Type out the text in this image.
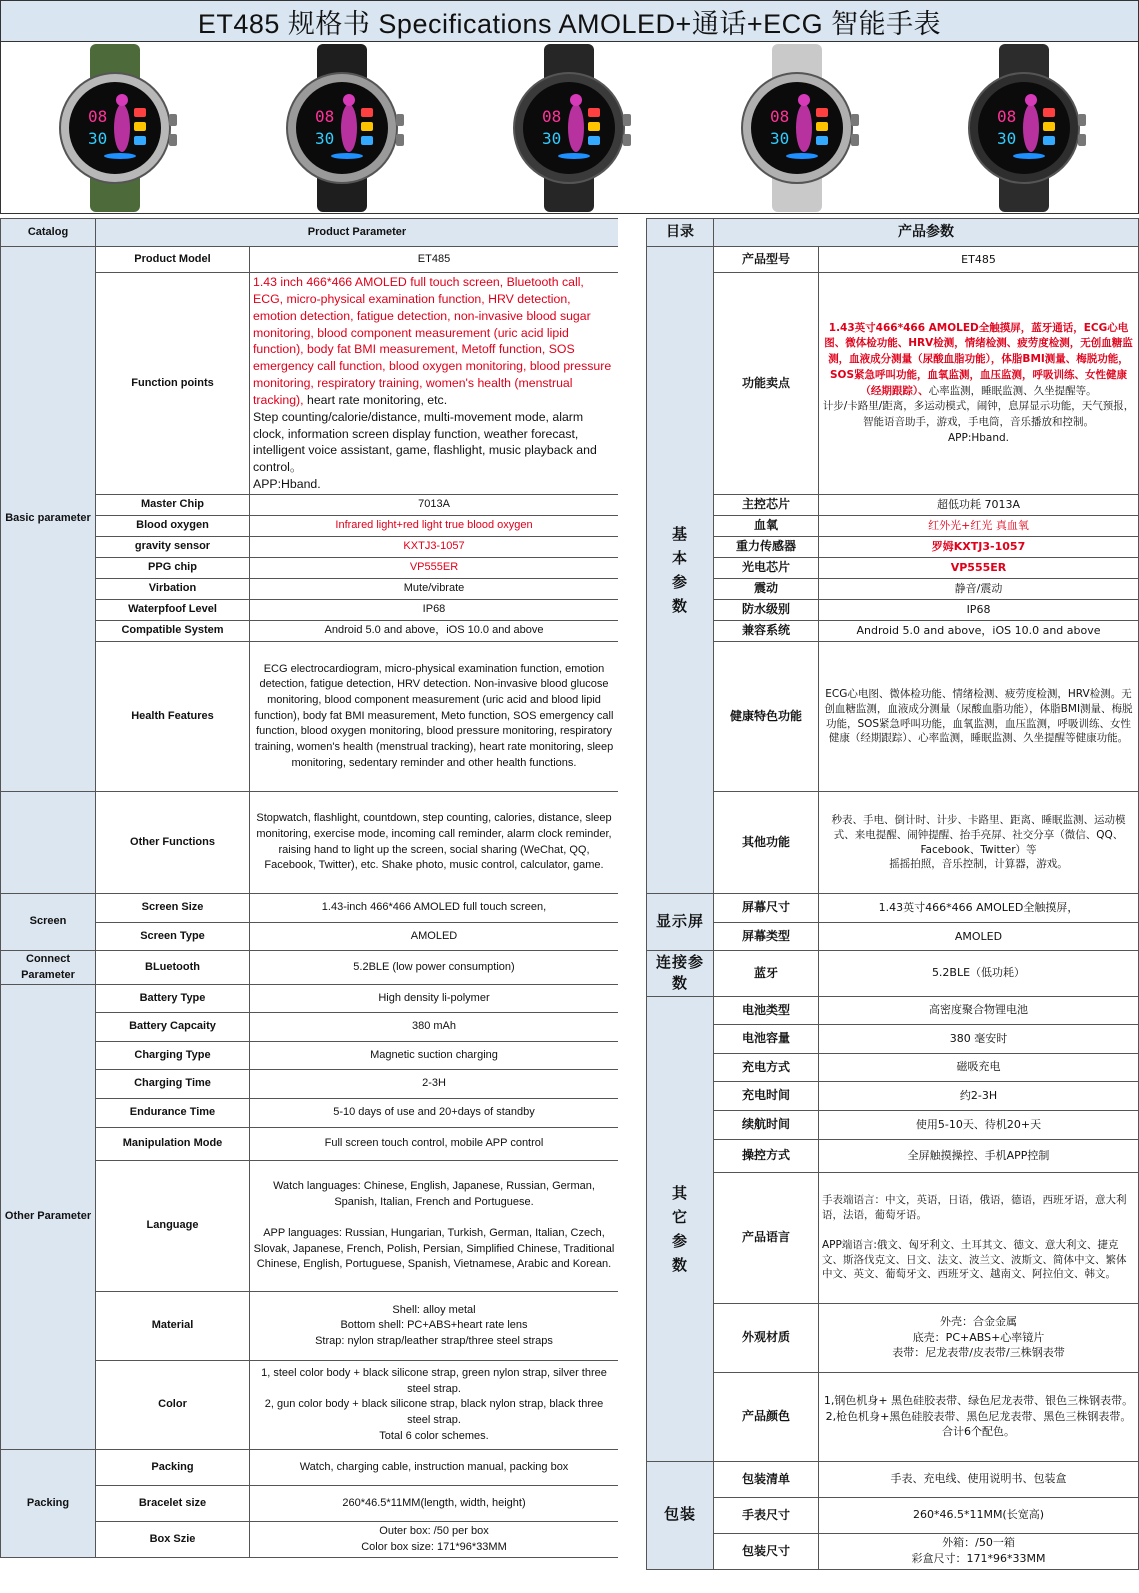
ET485 规格书 Specifications AMOLED+通话+ECG 智能手表
08
30
08
30
08
30
08
30
08
30
Catalog	Product Parameter	
Basic parameter	Product Model	ET485
	Function points	1.43 inch 466*466 AMOLED full touch screen, Bluetooth call, ECG, micro-physical examination function, HRV detection, emotion detection, fatigue detection, non-invasive blood sugar monitoring, blood component measurement (uric acid lipid function), body fat BMI measurement, Metoff function, SOS emergency call function, blood oxygen monitoring, blood pressure monitoring, respiratory training, women's health (menstrual tracking), heart rate monitoring, etc.
Step counting/calorie/distance, multi-movement mode, alarm clock, information screen display function, weather forecast, intelligent voice assistant, game, flashlight, music playback and control。
APP:Hband.
	Master Chip	7013A
	Blood oxygen	Infrared light+red light true blood oxygen
	gravity sensor	KXTJ3-1057
	PPG chip	VP555ER
	Virbation	Mute/vibrate
	Waterpfoof Level	IP68
	Compatible System	Android 5.0 and above，iOS 10.0 and above
	Health Features	ECG electrocardiogram, micro-physical examination function, emotion detection, fatigue detection, HRV detection. Non-invasive blood glucose monitoring, blood component measurement (uric acid and blood lipid function), body fat BMI measurement, Meto function, SOS emergency call function, blood oxygen monitoring, blood pressure monitoring, respiratory training, women's health (menstrual tracking), heart rate monitoring, sleep monitoring, sedentary reminder and other health functions.
	Other Functions	Stopwatch, flashlight, countdown, step counting, calories, distance, sleep monitoring, exercise mode, incoming call reminder, alarm clock reminder, raising hand to light up the screen, social sharing (WeChat, QQ, Facebook, Twitter), etc. Shake photo, music control, calculator, game.
Screen	Screen Size	1.43-inch 466*466 AMOLED full touch screen,
	Screen Type	AMOLED
Connect Parameter	BLuetooth	5.2BLE (low power consumption)
Other Parameter	Battery Type	High density li-polymer
	Battery Capcaity	380 mAh
	Charging Type	Magnetic suction charging
	Charging Time	2-3H
	Endurance Time	5-10 days of use and 20+days of standby
	Manipulation Mode	Full screen touch control, mobile APP control
	Language	Watch languages: Chinese, English, Japanese, Russian, German, Spanish, Italian, French and Portuguese.

APP languages: Russian, Hungarian, Turkish, German, Italian, Czech, Slovak, Japanese, French, Polish, Persian, Simplified Chinese, Traditional Chinese, English, Portuguese, Spanish, Vietnamese, Arabic and Korean.
	Material	Shell: alloy metal
Bottom shell: PC+ABS+heart rate lens
Strap: nylon strap/leather strap/three steel straps
	Color	1, steel color body + black silicone strap, green nylon strap, silver three steel strap.
2, gun color body + black silicone strap, black nylon strap, black three steel strap.
Total 6 color schemes.

Packing	Packing	Watch, charging cable, instruction manual, packing box
	Bracelet size	260*46.5*11MM(length, width, height)
	Box Szie	Outer box: /50 per box
Color box size: 171*96*33MM
目录	产品参数	

基
本
参
数	产品型号	ET485
	功能卖点	1.43英寸466*466 AMOLED全触摸屏，蓝牙通话，ECG心电图、微体检功能、HRV检测，情绪检测、疲劳度检测，无创血糖监测，血液成分测量（尿酸血脂功能），体脂BMI测量、梅脱功能，SOS紧急呼叫功能，血氧监测，血压监测，呼吸训练、女性健康（经期跟踪）、心率监测，睡眠监测、久坐提醒等。
计步/卡路里/距离，多运动模式，闹钟，息屏显示功能，天气预报，智能语音助手，游戏，手电筒，音乐播放和控制。
APP:Hband.
	主控芯片	超低功耗 7013A
	血氧	红外光+红光 真血氧
	重力传感器	罗姆KXTJ3-1057
	光电芯片	VP555ER
	震动	静音/震动
	防水级别	IP68
	兼容系统	Android 5.0 and above，iOS 10.0 and above
	健康特色功能	ECG心电图、微体检功能、情绪检测、疲劳度检测，HRV检测。无创血糖监测，血液成分测量（尿酸血脂功能），体脂BMI测量、梅脱功能，SOS紧急呼叫功能，血氧监测，血压监测，呼吸训练、女性健康（经期跟踪）、心率监测，睡眠监测、久坐提醒等健康功能。
	其他功能	秒表、手电、倒计时、计步、卡路里、距离、睡眠监测、运动模式、来电提醒、闹钟提醒、抬手亮屏、社交分享（微信、QQ、Facebook、Twitter）等
摇摇拍照，音乐控制，计算器，游戏。
显示屏	屏幕尺寸	1.43英寸466*466 AMOLED全触摸屏，
	屏幕类型	AMOLED
连接参数	蓝牙	5.2BLE（低功耗）

其
它
参
数	电池类型	高密度聚合物锂电池
	电池容量	380 毫安时
	充电方式	磁吸充电
	充电时间	约2-3H
	续航时间	使用5-10天、待机20+天
	操控方式	全屏触摸操控、手机APP控制
	产品语言	手表端语言：中文，英语，日语，俄语，德语，西班牙语，意大利语，法语，葡萄牙语。

APP端语言:俄文、匈牙利文、土耳其文、德文、意大利文、捷克文、斯洛伐克文、日文、法文、波兰文、波斯文、简体中文、繁体中文、英文、葡萄牙文、西班牙文、越南文、阿拉伯文、韩文。
	外观材质	外壳：合金金属
底壳：PC+ABS+心率镜片
表带：尼龙表带/皮表带/三株钢表带
	产品颜色	1,钢色机身+ 黑色硅胶表带、绿色尼龙表带、银色三株钢表带。
2,枪色机身+黑色硅胶表带、黑色尼龙表带、黑色三株钢表带。
合计6个配色。
包装	包装清单	手表、充电线、使用说明书、包装盒
	手表尺寸	260*46.5*11MM(长宽高)
	包装尺寸	外箱：/50一箱
彩盒尺寸：171*96*33MM
